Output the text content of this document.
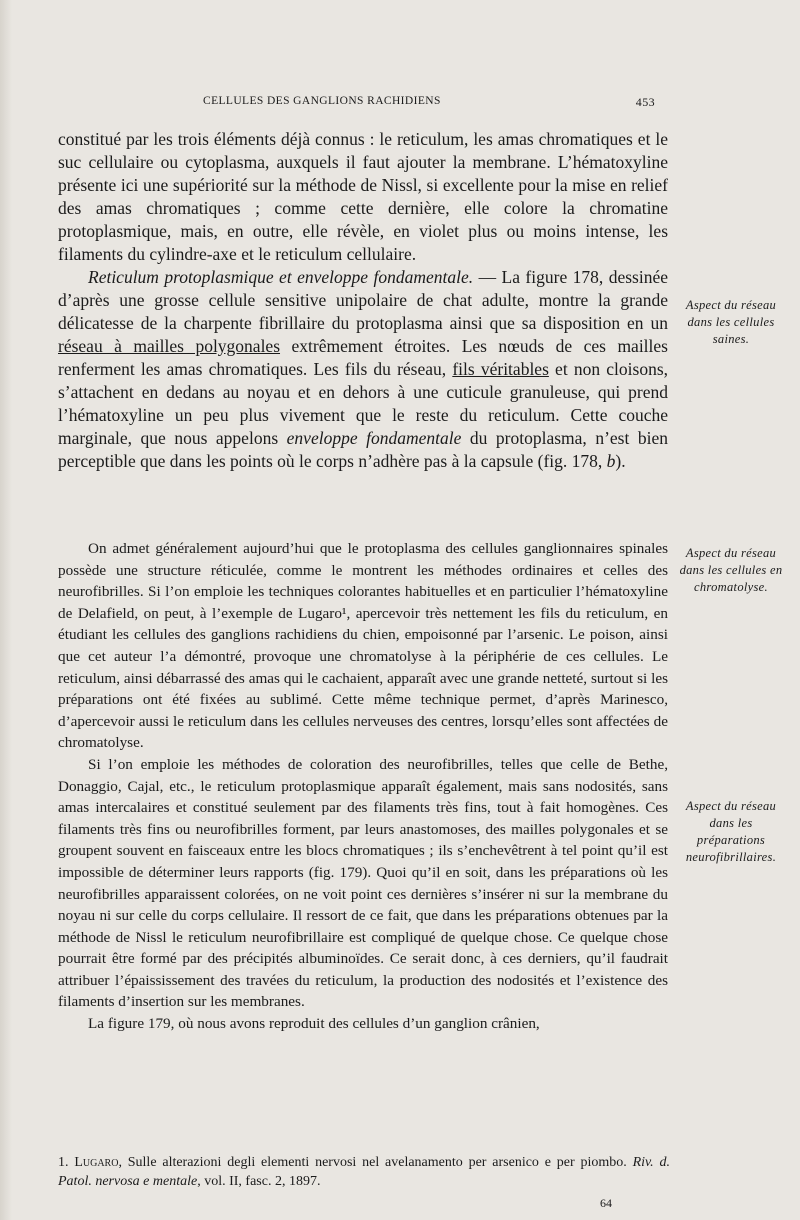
CELLULES DES GANGLIONS RACHIDIENS	453

constitué par les trois éléments déjà connus : le reticulum, les amas chromatiques et le suc cellulaire ou cytoplasma, auxquels il faut ajouter la membrane. L’hématoxyline présente ici une supériorité sur la méthode de Nissl, si excellente pour la mise en relief des amas chromatiques ; comme cette dernière, elle colore la chromatine protoplasmique, mais, en outre, elle révèle, en violet plus ou moins intense, les filaments du cylindre-axe et le reticulum cellulaire.

Reticulum protoplasmique et enveloppe fondamentale. — La figure 178, dessinée d’après une grosse cellule sensitive unipolaire de chat adulte, montre la grande délicatesse de la charpente fibrillaire du protoplasma ainsi que sa disposition en un réseau à mailles polygonales extrêmement étroites. Les nœuds de ces mailles renferment les amas chromatiques. Les fils du réseau, fils véritables et non cloisons, s’attachent en dedans au noyau et en dehors à une cuticule granuleuse, qui prend l’hématoxyline un peu plus vivement que le reste du reticulum. Cette couche marginale, que nous appelons enveloppe fondamentale du protoplasma, n’est bien perceptible que dans les points où le corps n’adhère pas à la capsule (fig. 178, b).

On admet généralement aujourd’hui que le protoplasma des cellules ganglionnaires spinales possède une structure réticulée, comme le montrent les méthodes ordinaires et celles des neurofibrilles. Si l’on emploie les techniques colorantes habituelles et en particulier l’hématoxyline de Delafield, on peut, à l’exemple de Lugaro¹, apercevoir très nettement les fils du reticulum, en étudiant les cellules des ganglions rachidiens du chien, empoisonné par l’arsenic. Le poison, ainsi que cet auteur l’a démontré, provoque une chromatolyse à la périphérie de ces cellules. Le reticulum, ainsi débarrassé des amas qui le cachaient, apparaît avec une grande netteté, surtout si les préparations ont été fixées au sublimé. Cette même technique permet, d’après Marinesco, d’apercevoir aussi le reticulum dans les cellules nerveuses des centres, lorsqu’elles sont affectées de chromatolyse.

Si l’on emploie les méthodes de coloration des neurofibrilles, telles que celle de Bethe, Donaggio, Cajal, etc., le reticulum protoplasmique apparaît également, mais sans nodosités, sans amas intercalaires et constitué seulement par des filaments très fins, tout à fait homogènes. Ces filaments très fins ou neurofibrilles forment, par leurs anastomoses, des mailles polygonales et se groupent souvent en faisceaux entre les blocs chromatiques ; ils s’enchevêtrent à tel point qu’il est impossible de déterminer leurs rapports (fig. 179). Quoi qu’il en soit, dans les préparations où les neurofibrilles apparaissent colorées, on ne voit point ces dernières s’insérer ni sur la membrane du noyau ni sur celle du corps cellulaire. Il ressort de ce fait, que dans les préparations obtenues par la méthode de Nissl le reticulum neurofibrillaire est compliqué de quelque chose. Ce quelque chose pourrait être formé par des précipités albuminoïdes. Ce serait donc, à ces derniers, qu’il faudrait attribuer l’épaississement des travées du reticulum, la production des nodosités et l’existence des filaments d’insertion sur les membranes.

La figure 179, où nous avons reproduit des cellules d’un ganglion crânien,

Aspect du réseau dans les cellules saines.
Aspect du réseau dans les cellules en chromatolyse.
Aspect du réseau dans les préparations neurofibrillaires.
1. Lugaro, Sulle alterazioni degli elementi nervosi nel avelanamento per arsenico e per piombo. Riv. d. Patol. nervosa e mentale, vol. II, fasc. 2, 1897.
64
